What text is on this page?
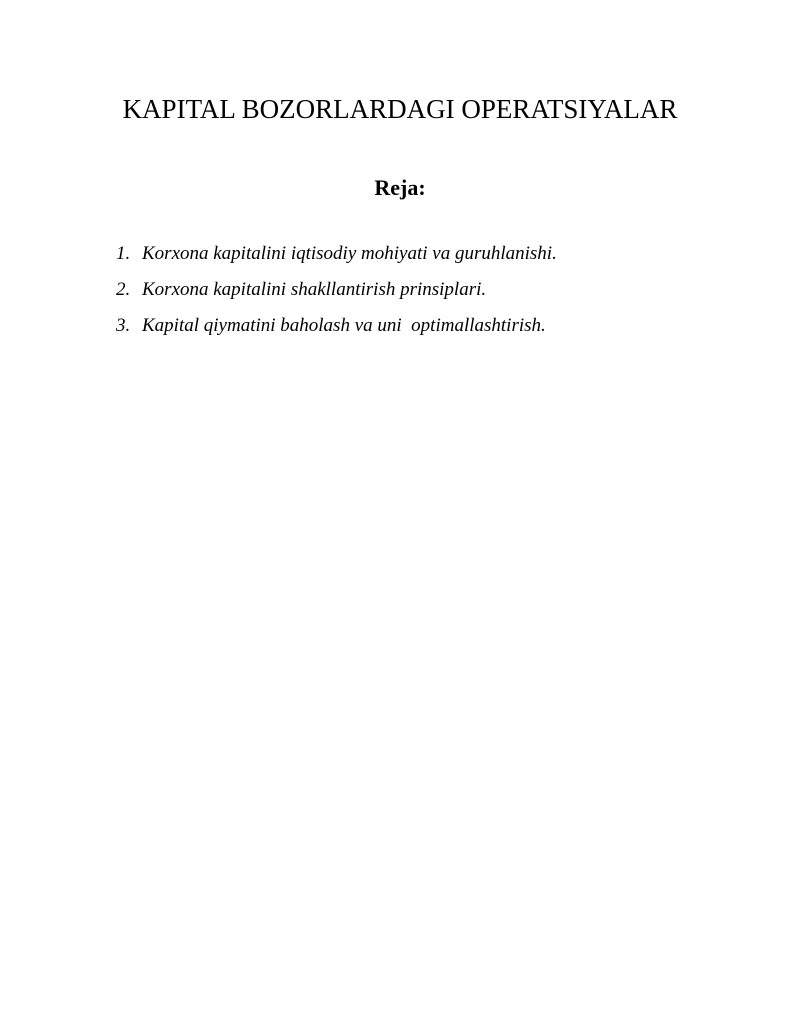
KAPITAL BOZORLARDAGI OPERATSIYALAR
Reja:
1. Korxona kapitalini iqtisodiy mohiyati va guruhlanishi.
2. Korxona kapitalini shakllantirish prinsiplari.
3. Kapital qiymatini baholash va uni  optimallashtirish.
